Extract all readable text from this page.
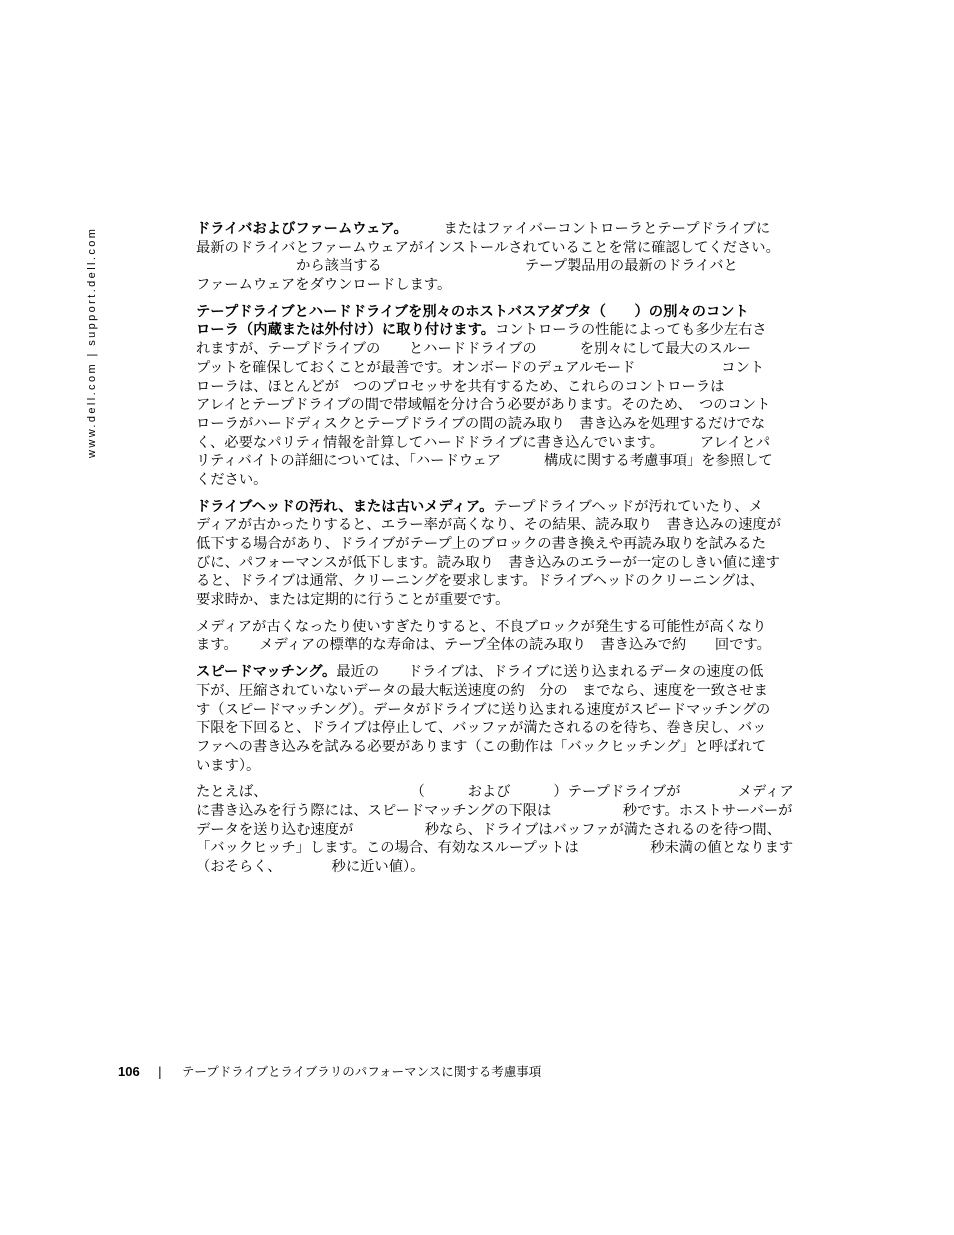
www.dell.com | support.dell.com	ドライバおよびファームウェア。　　　またはファイバーコントローラとテープドライブに
最新のドライバとファームウェアがインストールされていることを常に確認してください。
　　　　　　　から該当する　　　　　　　　　　テープ製品用の最新のドライバと
ファームウェアをダウンロードします。
テープドライブとハードドライブを別々のホストバスアダプタ（　　）の別々のコント
ローラ（内蔵または外付け）に取り付けます。コントローラの性能によっても多少左右さ
れますが、テープドライブの　　とハードドライブの　　　を別々にして最大のスルー
プットを確保しておくことが最善です。オンボードのデュアルモード　　　　　　コント
ローラは、ほとんどが　つのプロセッサを共有するため、これらのコントローラは
アレイとテープドライブの間で帯域幅を分け合う必要があります。そのため、　つのコント
ローラがハードディスクとテープドライブの間の読み取り　書き込みを処理するだけでな
く、必要なパリティ情報を計算してハードドライブに書き込んでいます。　　　アレイとパ
リティバイトの詳細については、「ハードウェア　　　構成に関する考慮事項」を参照して
ください。
ドライブヘッドの汚れ、または古いメディア。テープドライブヘッドが汚れていたり、メ
ディアが古かったりすると、エラー率が高くなり、その結果、読み取り　書き込みの速度が
低下する場合があり、ドライブがテープ上のブロックの書き換えや再読み取りを試みるた
びに、パフォーマンスが低下します。読み取り　書き込みのエラーが一定のしきい値に達す
ると、ドライブは通常、クリーニングを要求します。ドライブヘッドのクリーニングは、
要求時か、または定期的に行うことが重要です。
メディアが古くなったり使いすぎたりすると、不良ブロックが発生する可能性が高くなり
ます。　　メディアの標準的な寿命は、テープ全体の読み取り　書き込みで約　　回です。
スピードマッチング。最近の　　ドライブは、ドライブに送り込まれるデータの速度の低
下が、圧縮されていないデータの最大転送速度の約　分の　までなら、速度を一致させま
す（スピードマッチング）。データがドライブに送り込まれる速度がスピードマッチングの
下限を下回ると、ドライブは停止して、バッファが満たされるのを待ち、巻き戻し、バッ
ファへの書き込みを試みる必要があります（この動作は「バックヒッチング」と呼ばれて
います）。
たとえば、　　　　　　　　　　　（　　　および　　　）テープドライブが　　　　メディア
に書き込みを行う際には、スピードマッチングの下限は　　　　　秒です。ホストサーバーが
データを送り込む速度が　　　　　秒なら、ドライブはバッファが満たされるのを待つ間、
「バックヒッチ」します。この場合、有効なスループットは　　　　　秒未満の値となります
（おそらく、　　　　秒に近い値）。
106 | テープドライブとライブラリのパフォーマンスに関する考慮事項
